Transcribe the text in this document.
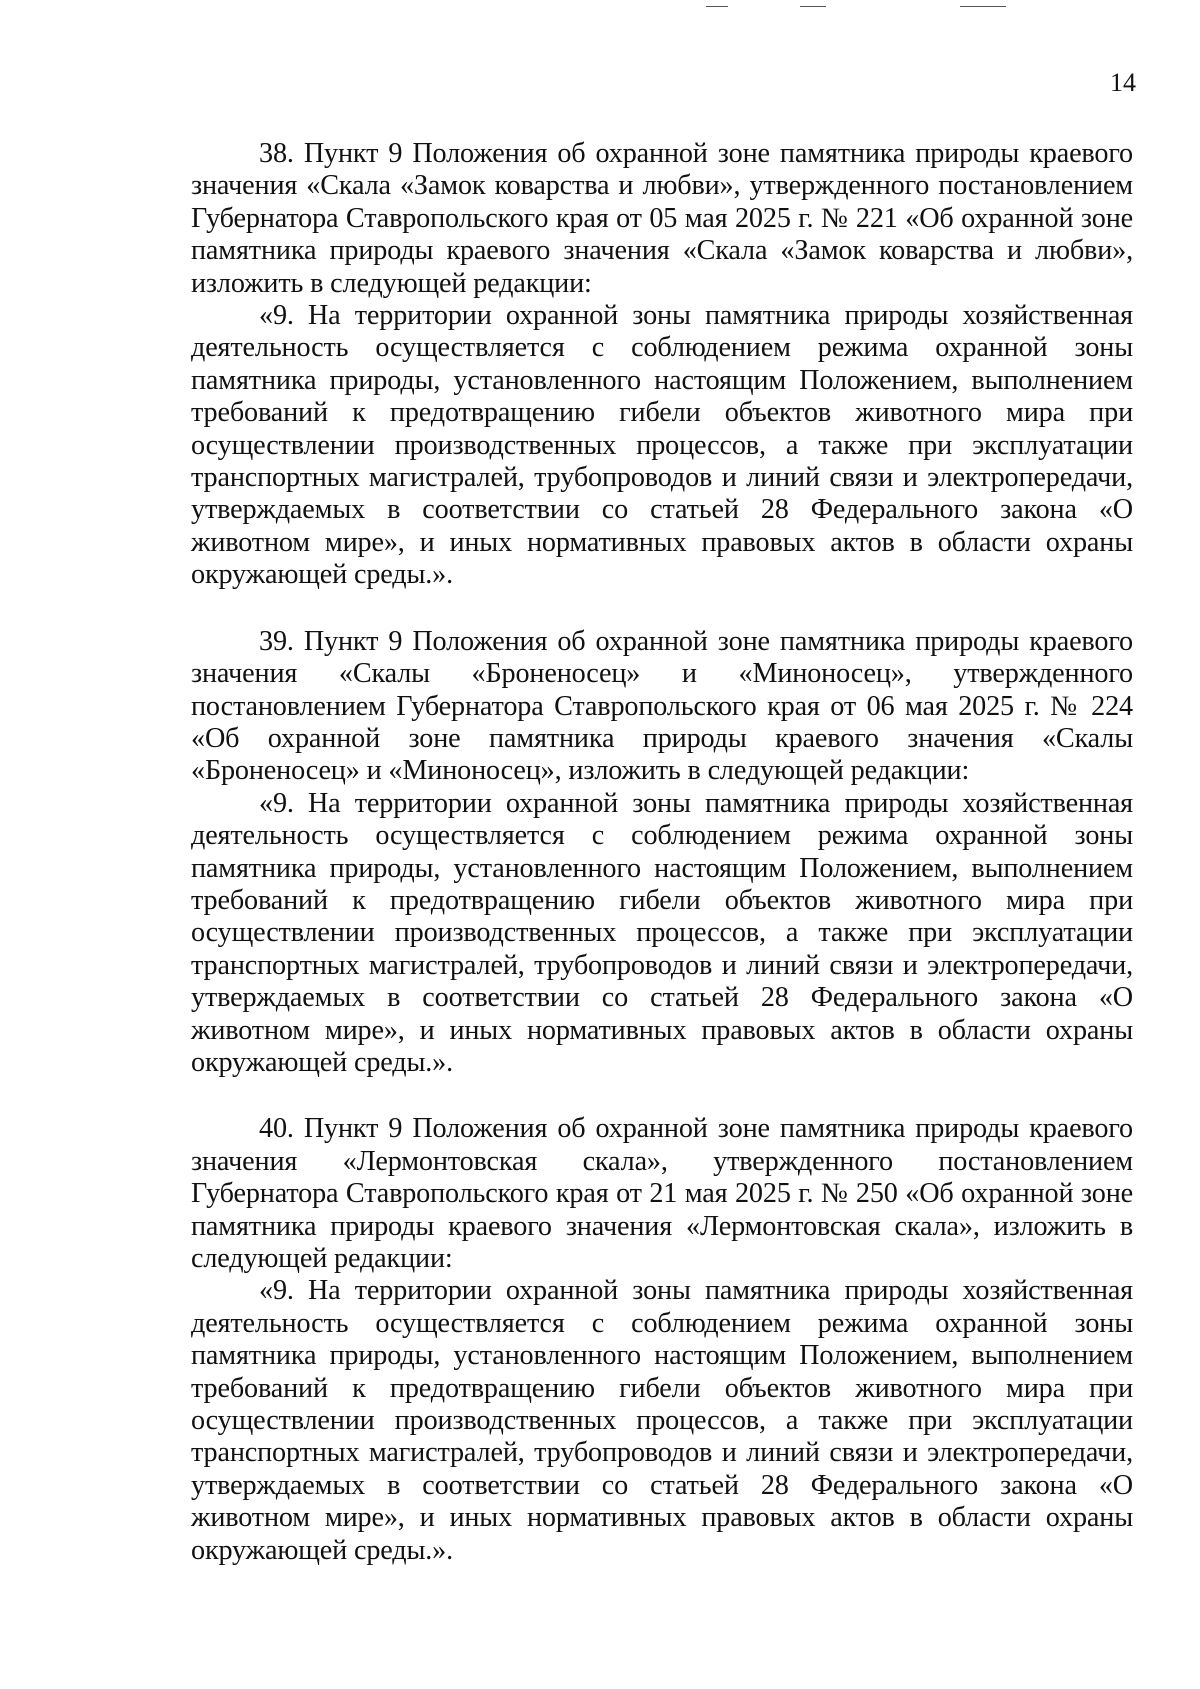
14

38. Пункт 9 Положения об охранной зоне памятника природы краевого значения «Скала «Замок коварства и любви», утвержденного постановлением Губернатора Ставропольского края от 05 мая 2025 г. № 221 «Об охранной зоне памятника природы краевого значения «Скала «Замок коварства и любви», изложить в следующей редакции:

«9. На территории охранной зоны памятника природы хозяйственная деятельность осуществляется с соблюдением режима охранной зоны памятника природы, установленного настоящим Положением, выполнением требований к предотвращению гибели объектов животного мира при осуществлении производственных процессов, а также при эксплуатации транспортных магистралей, трубопроводов и линий связи и электропередачи, утверждаемых в соответствии со статьей 28 Федерального закона «О животном мире», и иных нормативных правовых актов в области охраны окружающей среды.».

39. Пункт 9 Положения об охранной зоне памятника природы краевого значения «Скалы «Броненосец» и «Миноносец», утвержденного постановлением Губернатора Ставропольского края от 06 мая 2025 г. № 224 «Об охранной зоне памятника природы краевого значения «Скалы «Броненосец» и «Миноносец», изложить в следующей редакции:

«9. На территории охранной зоны памятника природы хозяйственная деятельность осуществляется с соблюдением режима охранной зоны памятника природы, установленного настоящим Положением, выполнением требований к предотвращению гибели объектов животного мира при осуществлении производственных процессов, а также при эксплуатации транспортных магистралей, трубопроводов и линий связи и электропередачи, утверждаемых в соответствии со статьей 28 Федерального закона «О животном мире», и иных нормативных правовых актов в области охраны окружающей среды.».

40. Пункт 9 Положения об охранной зоне памятника природы краевого значения «Лермонтовская скала», утвержденного постановлением Губернатора Ставропольского края от 21 мая 2025 г. № 250 «Об охранной зоне памятника природы краевого значения «Лермонтовская скала», изложить в следующей редакции:

«9. На территории охранной зоны памятника природы хозяйственная деятельность осуществляется с соблюдением режима охранной зоны памятника природы, установленного настоящим Положением, выполнением требований к предотвращению гибели объектов животного мира при осуществлении производственных процессов, а также при эксплуатации транспортных магистралей, трубопроводов и линий связи и электропередачи, утверждаемых в соответствии со статьей 28 Федерального закона «О животном мире», и иных нормативных правовых актов в области охраны окружающей среды.».
